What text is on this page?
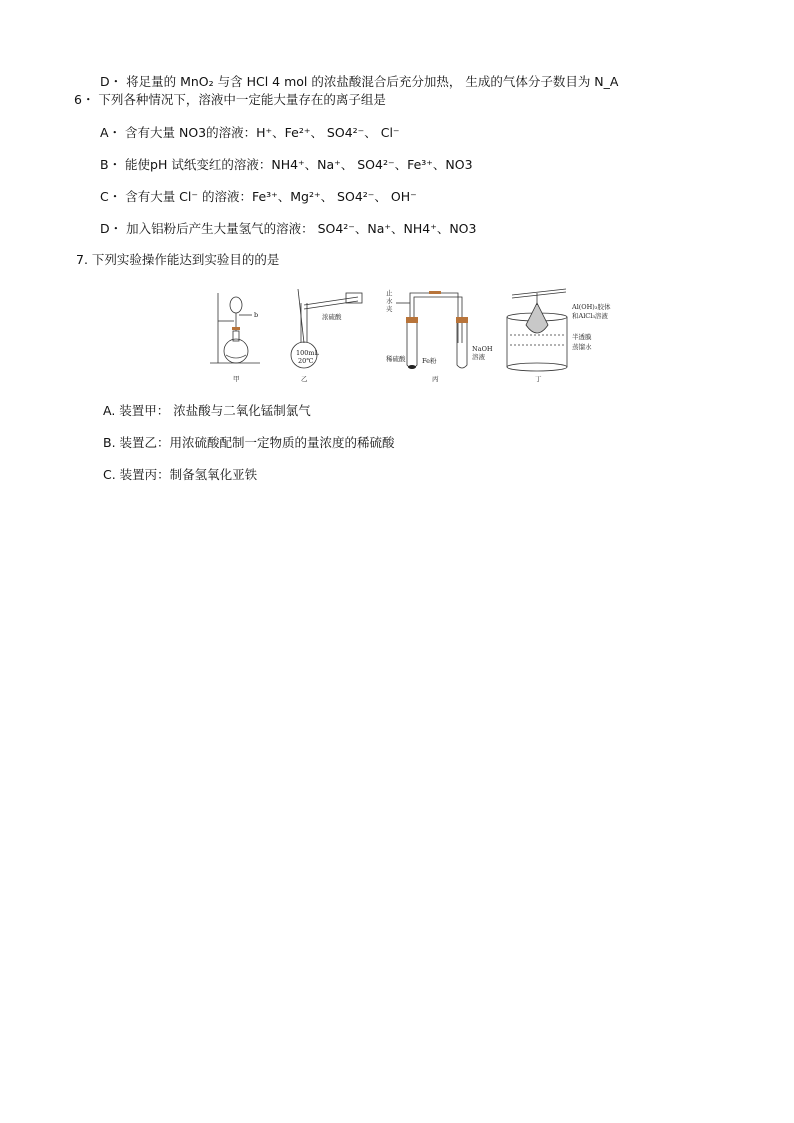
D・ 将足量的 MnO₂ 与含 HCl 4 mol 的浓盐酸混合后充分加热， 生成的气体分子数目为 N_A
6・ 下列各种情况下，溶液中一定能大量存在的离子组是
A・ 含有大量 NO3的溶液：H⁺、Fe²⁺、 SO4²⁻、 Cl⁻
B・ 能使pH 试纸变红的溶液：NH4⁺、Na⁺、 SO4²⁻、Fe³⁺、NO3
C・ 含有大量 Cl⁻ 的溶液：Fe³⁺、Mg²⁺、 SO4²⁻、 OH⁻
D・ 加入铝粉后产生大量氢气的溶液： SO4²⁻、Na⁺、NH4⁺、NO3
7. 下列实验操作能达到实验目的的是
b
甲
浓硫酸
100mL
20℃
乙
止
水
夹
稀硫酸	Fe粉
NaOH
溶液
丙
Al(OH)₃胶体
和AlCl₃溶液
半透膜
蒸馏水
丁
A. 装置甲： 浓盐酸与二氧化锰制氯气
B. 装置乙：用浓硫酸配制一定物质的量浓度的稀硫酸
C. 装置丙：制备氢氧化亚铁
